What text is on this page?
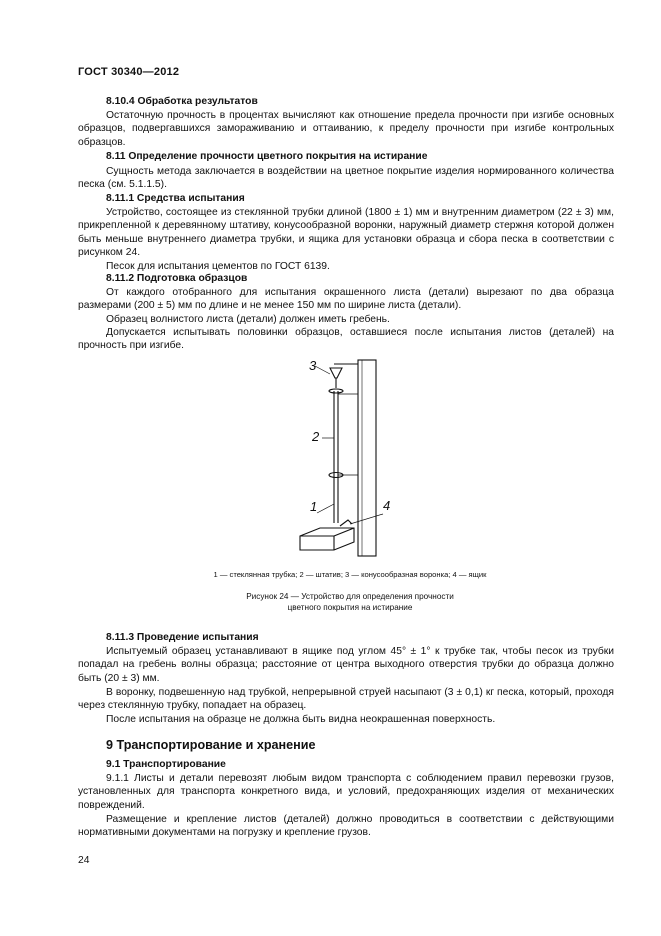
ГОСТ 30340—2012
8.10.4 Обработка результатов
Остаточную прочность в процентах вычисляют как отношение предела прочности при изгибе основных образцов, подвергавшихся замораживанию и оттаиванию, к пределу прочности при изгибе контрольных образцов.
8.11 Определение прочности цветного покрытия на истирание
Сущность метода заключается в воздействии на цветное покрытие изделия нормированного количества песка (см. 5.1.1.5).
8.11.1 Средства испытания
Устройство, состоящее из стеклянной трубки длиной (1800 ± 1) мм и внутренним диаметром (22 ± 3) мм, прикрепленной к деревянному штативу, конусообразной воронки, наружный диаметр стержня которой должен быть меньше внутреннего диаметра трубки, и ящика для установки образца и сбора песка в соответствии с рисунком 24.
Песок для испытания цементов по ГОСТ 6139.
8.11.2 Подготовка образцов
От каждого отобранного для испытания окрашенного листа (детали) вырезают по два образца размерами (200 ± 5) мм по длине и не менее 150 мм по ширине листа (детали).
Образец волнистого листа (детали) должен иметь гребень.
Допускается испытывать половинки образцов, оставшиеся после испытания листов (деталей) на прочность при изгибе.
3
2
1	4
1 — стеклянная трубка; 2 — штатив; 3 — конусообразная воронка; 4 — ящик
Рисунок 24 — Устройство для определения прочности
цветного покрытия на истирание
8.11.3 Проведение испытания
Испытуемый образец устанавливают в ящике под углом 45° ± 1° к трубке так, чтобы песок из трубки попадал на гребень волны образца; расстояние от центра выходного отверстия трубки до образца должно быть (20 ± 3) мм.
В воронку, подвешенную над трубкой, непрерывной струей насыпают (3 ± 0,1) кг песка, который, проходя через стеклянную трубку, попадает на образец.
После испытания на образце не должна быть видна неокрашенная поверхность.
9 Транспортирование и хранение
9.1 Транспортирование
9.1.1 Листы и детали перевозят любым видом транспорта с соблюдением правил перевозки грузов, установленных для транспорта конкретного вида, и условий, предохраняющих изделия от механических повреждений.
Размещение и крепление листов (деталей) должно проводиться в соответствии с действующими нормативными документами на погрузку и крепление грузов.
24
